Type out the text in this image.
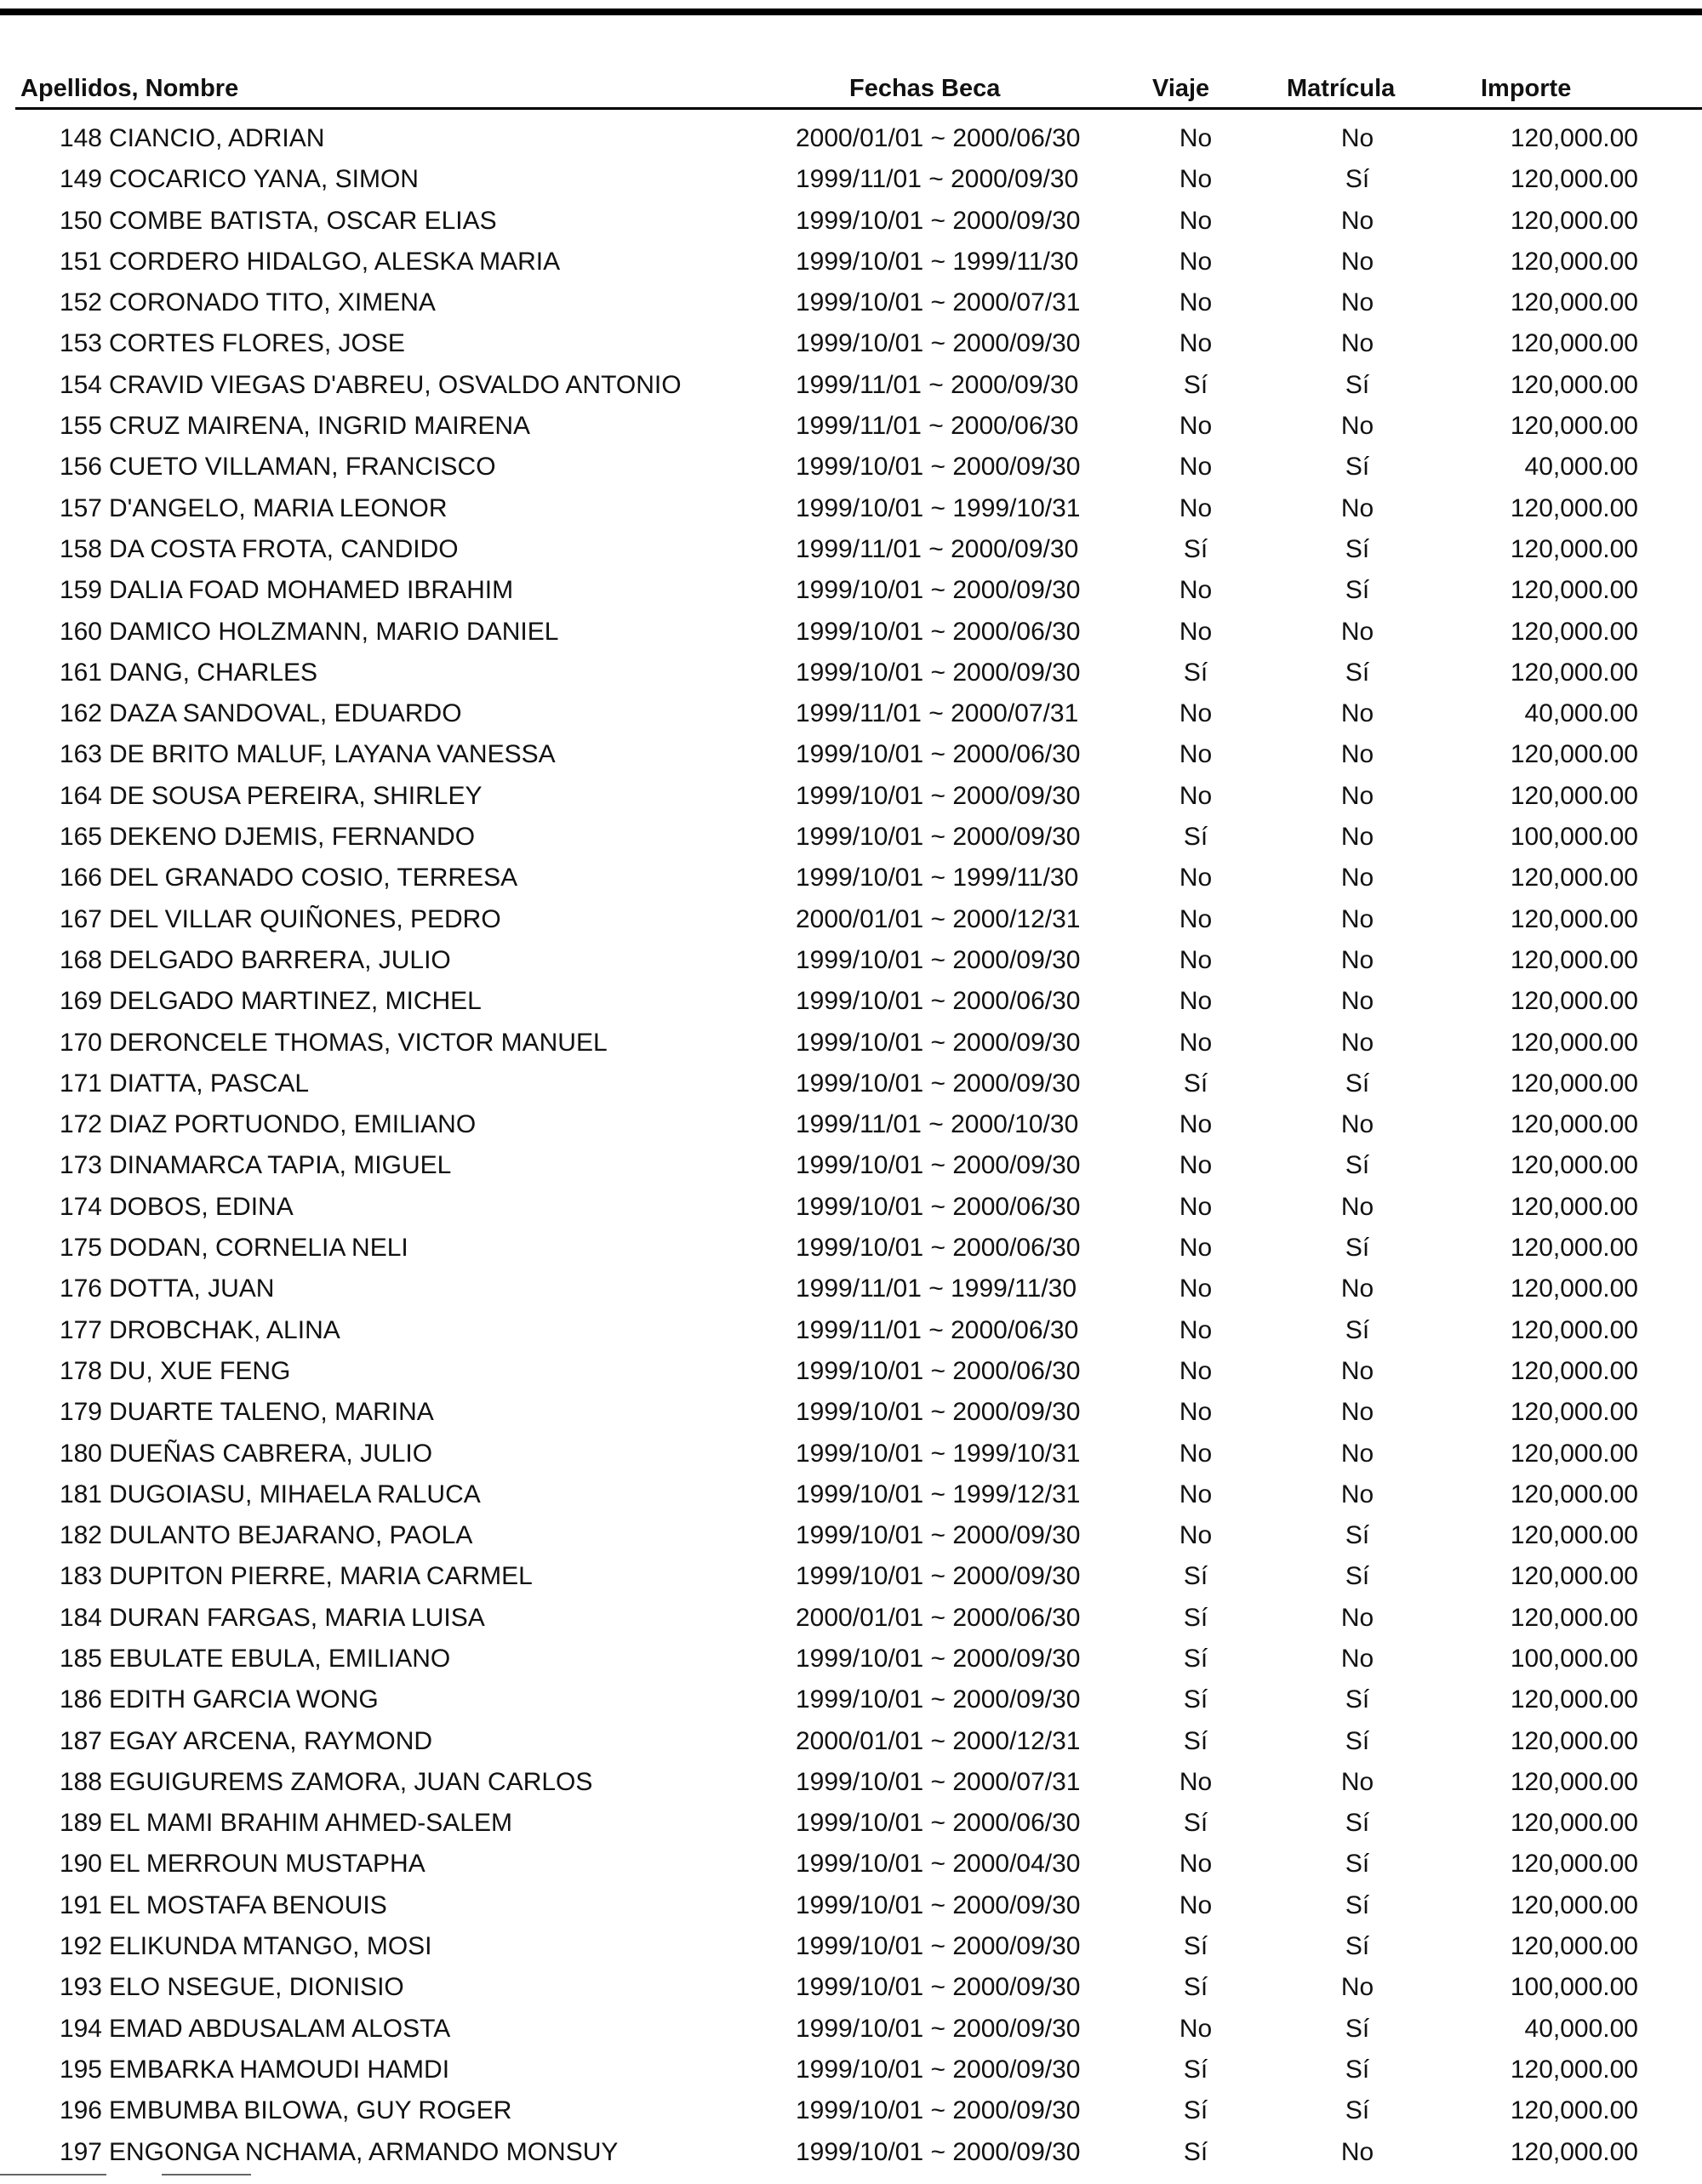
Apellidos, Nombre	Fechas Beca	Viaje	Matrícula	Importe
148 CIANCIO, ADRIAN	2000/01/01 ~ 2000/06/30	No	No	120,000.00
149 COCARICO YANA, SIMON	1999/11/01 ~ 2000/09/30	No	Sí	120,000.00
150 COMBE BATISTA, OSCAR ELIAS	1999/10/01 ~ 2000/09/30	No	No	120,000.00
151 CORDERO HIDALGO, ALESKA MARIA	1999/10/01 ~ 1999/11/30	No	No	120,000.00
152 CORONADO TITO, XIMENA	1999/10/01 ~ 2000/07/31	No	No	120,000.00
153 CORTES FLORES, JOSE	1999/10/01 ~ 2000/09/30	No	No	120,000.00
154 CRAVID VIEGAS D'ABREU, OSVALDO ANTONIO	1999/11/01 ~ 2000/09/30	Sí	Sí	120,000.00
155 CRUZ MAIRENA, INGRID MAIRENA	1999/11/01 ~ 2000/06/30	No	No	120,000.00
156 CUETO VILLAMAN, FRANCISCO	1999/10/01 ~ 2000/09/30	No	Sí	40,000.00
157 D'ANGELO, MARIA LEONOR	1999/10/01 ~ 1999/10/31	No	No	120,000.00
158 DA COSTA FROTA, CANDIDO	1999/11/01 ~ 2000/09/30	Sí	Sí	120,000.00
159 DALIA FOAD MOHAMED IBRAHIM	1999/10/01 ~ 2000/09/30	No	Sí	120,000.00
160 DAMICO HOLZMANN, MARIO DANIEL	1999/10/01 ~ 2000/06/30	No	No	120,000.00
161 DANG, CHARLES	1999/10/01 ~ 2000/09/30	Sí	Sí	120,000.00
162 DAZA SANDOVAL, EDUARDO	1999/11/01 ~ 2000/07/31	No	No	40,000.00
163 DE BRITO MALUF, LAYANA VANESSA	1999/10/01 ~ 2000/06/30	No	No	120,000.00
164 DE SOUSA PEREIRA, SHIRLEY	1999/10/01 ~ 2000/09/30	No	No	120,000.00
165 DEKENO DJEMIS, FERNANDO	1999/10/01 ~ 2000/09/30	Sí	No	100,000.00
166 DEL GRANADO COSIO, TERRESA	1999/10/01 ~ 1999/11/30	No	No	120,000.00
167 DEL VILLAR QUIÑONES, PEDRO	2000/01/01 ~ 2000/12/31	No	No	120,000.00
168 DELGADO BARRERA, JULIO	1999/10/01 ~ 2000/09/30	No	No	120,000.00
169 DELGADO MARTINEZ, MICHEL	1999/10/01 ~ 2000/06/30	No	No	120,000.00
170 DERONCELE THOMAS, VICTOR MANUEL	1999/10/01 ~ 2000/09/30	No	No	120,000.00
171 DIATTA, PASCAL	1999/10/01 ~ 2000/09/30	Sí	Sí	120,000.00
172 DIAZ PORTUONDO, EMILIANO	1999/11/01 ~ 2000/10/30	No	No	120,000.00
173 DINAMARCA TAPIA, MIGUEL	1999/10/01 ~ 2000/09/30	No	Sí	120,000.00
174 DOBOS, EDINA	1999/10/01 ~ 2000/06/30	No	No	120,000.00
175 DODAN, CORNELIA NELI	1999/10/01 ~ 2000/06/30	No	Sí	120,000.00
176 DOTTA, JUAN	1999/11/01 ~ 1999/11/30	No	No	120,000.00
177 DROBCHAK, ALINA	1999/11/01 ~ 2000/06/30	No	Sí	120,000.00
178 DU, XUE FENG	1999/10/01 ~ 2000/06/30	No	No	120,000.00
179 DUARTE TALENO, MARINA	1999/10/01 ~ 2000/09/30	No	No	120,000.00
180 DUEÑAS CABRERA, JULIO	1999/10/01 ~ 1999/10/31	No	No	120,000.00
181 DUGOIASU, MIHAELA RALUCA	1999/10/01 ~ 1999/12/31	No	No	120,000.00
182 DULANTO BEJARANO, PAOLA	1999/10/01 ~ 2000/09/30	No	Sí	120,000.00
183 DUPITON PIERRE, MARIA CARMEL	1999/10/01 ~ 2000/09/30	Sí	Sí	120,000.00
184 DURAN FARGAS, MARIA LUISA	2000/01/01 ~ 2000/06/30	Sí	No	120,000.00
185 EBULATE EBULA, EMILIANO	1999/10/01 ~ 2000/09/30	Sí	No	100,000.00
186 EDITH GARCIA WONG	1999/10/01 ~ 2000/09/30	Sí	Sí	120,000.00
187 EGAY ARCENA, RAYMOND	2000/01/01 ~ 2000/12/31	Sí	Sí	120,000.00
188 EGUIGUREMS ZAMORA, JUAN CARLOS	1999/10/01 ~ 2000/07/31	No	No	120,000.00
189 EL MAMI BRAHIM AHMED-SALEM	1999/10/01 ~ 2000/06/30	Sí	Sí	120,000.00
190 EL MERROUN MUSTAPHA	1999/10/01 ~ 2000/04/30	No	Sí	120,000.00
191 EL MOSTAFA BENOUIS	1999/10/01 ~ 2000/09/30	No	Sí	120,000.00
192 ELIKUNDA MTANGO, MOSI	1999/10/01 ~ 2000/09/30	Sí	Sí	120,000.00
193 ELO NSEGUE, DIONISIO	1999/10/01 ~ 2000/09/30	Sí	No	100,000.00
194 EMAD ABDUSALAM ALOSTA	1999/10/01 ~ 2000/09/30	No	Sí	40,000.00
195 EMBARKA HAMOUDI HAMDI	1999/10/01 ~ 2000/09/30	Sí	Sí	120,000.00
196 EMBUMBA BILOWA, GUY ROGER	1999/10/01 ~ 2000/09/30	Sí	Sí	120,000.00
197 ENGONGA NCHAMA, ARMANDO MONSUY	1999/10/01 ~ 2000/09/30	Sí	No	120,000.00
